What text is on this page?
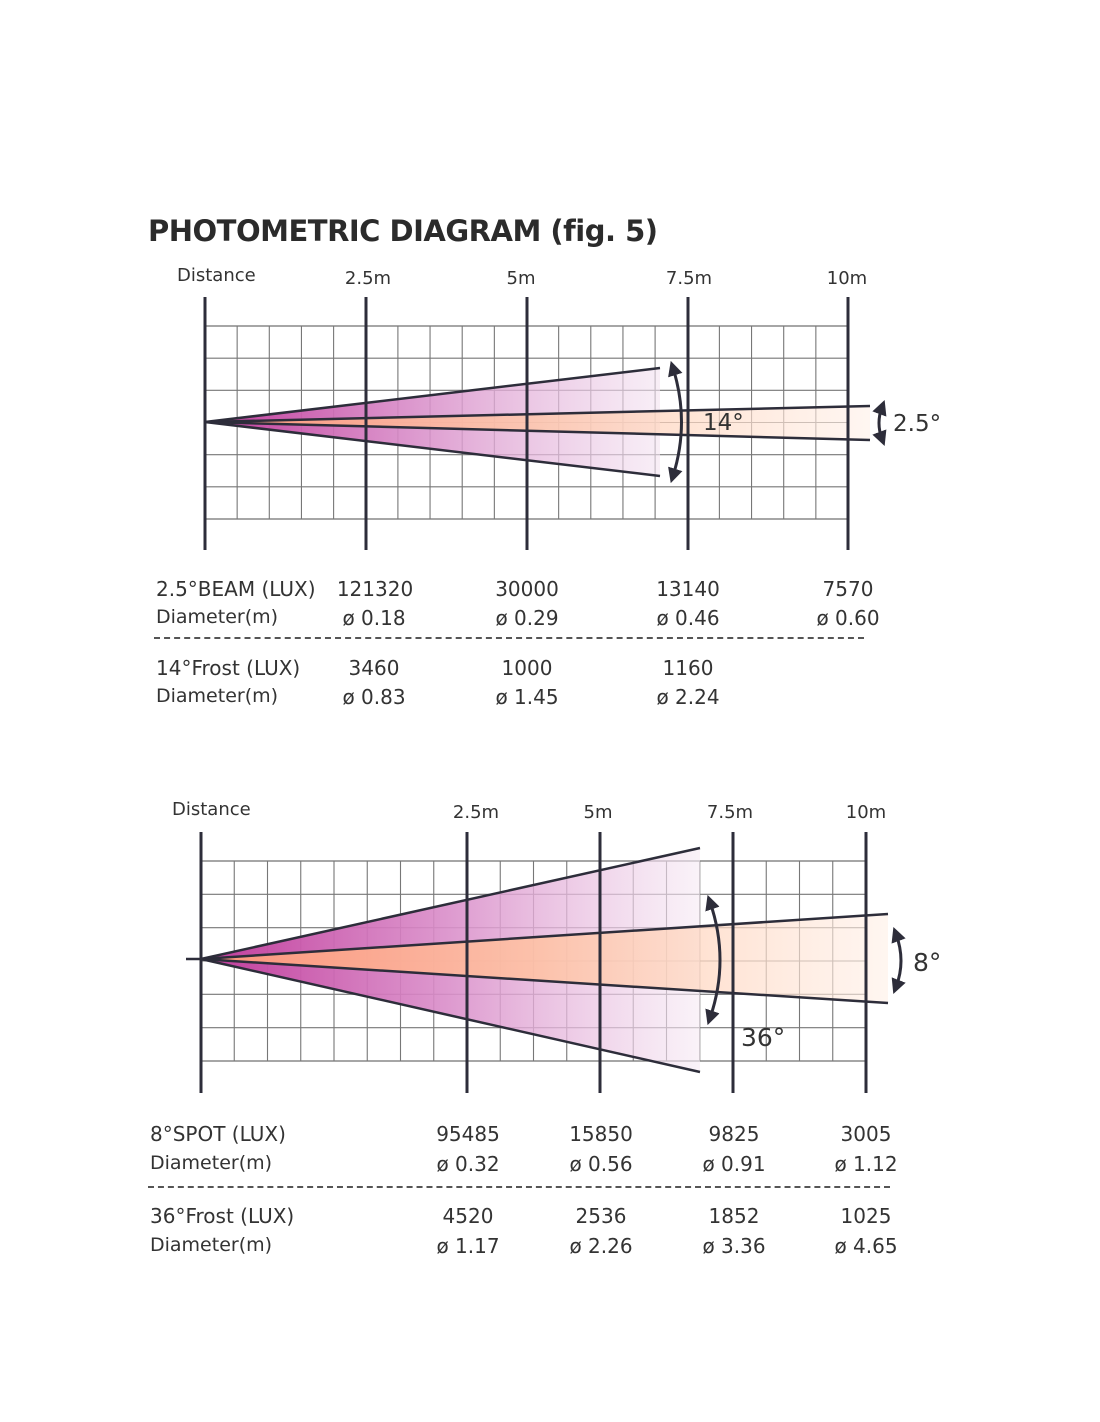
PHOTOMETRIC DIAGRAM (fig. 5)
Distance	2.5m	5m	7.5m	10m
14°	2.5°
2.5°BEAM (LUX) 121320	30000	13140	7570
Diameter(m)	ø 0.18	ø 0.29	ø 0.46	ø 0.60
14°Frost (LUX) 3460	1000	1160
Diameter(m)	ø 0.83	ø 1.45	ø 2.24
Distance	2.5m	5m	7.5m	10m
36°
8°
8°SPOT (LUX)	95485	15850	9825	3005
Diameter(m)	ø 0.32	ø 0.56	ø 0.91	ø 1.12
36°Frost (LUX)	4520	2536	1852	1025
Diameter(m)	ø 1.17	ø 2.26	ø 3.36	ø 4.65
